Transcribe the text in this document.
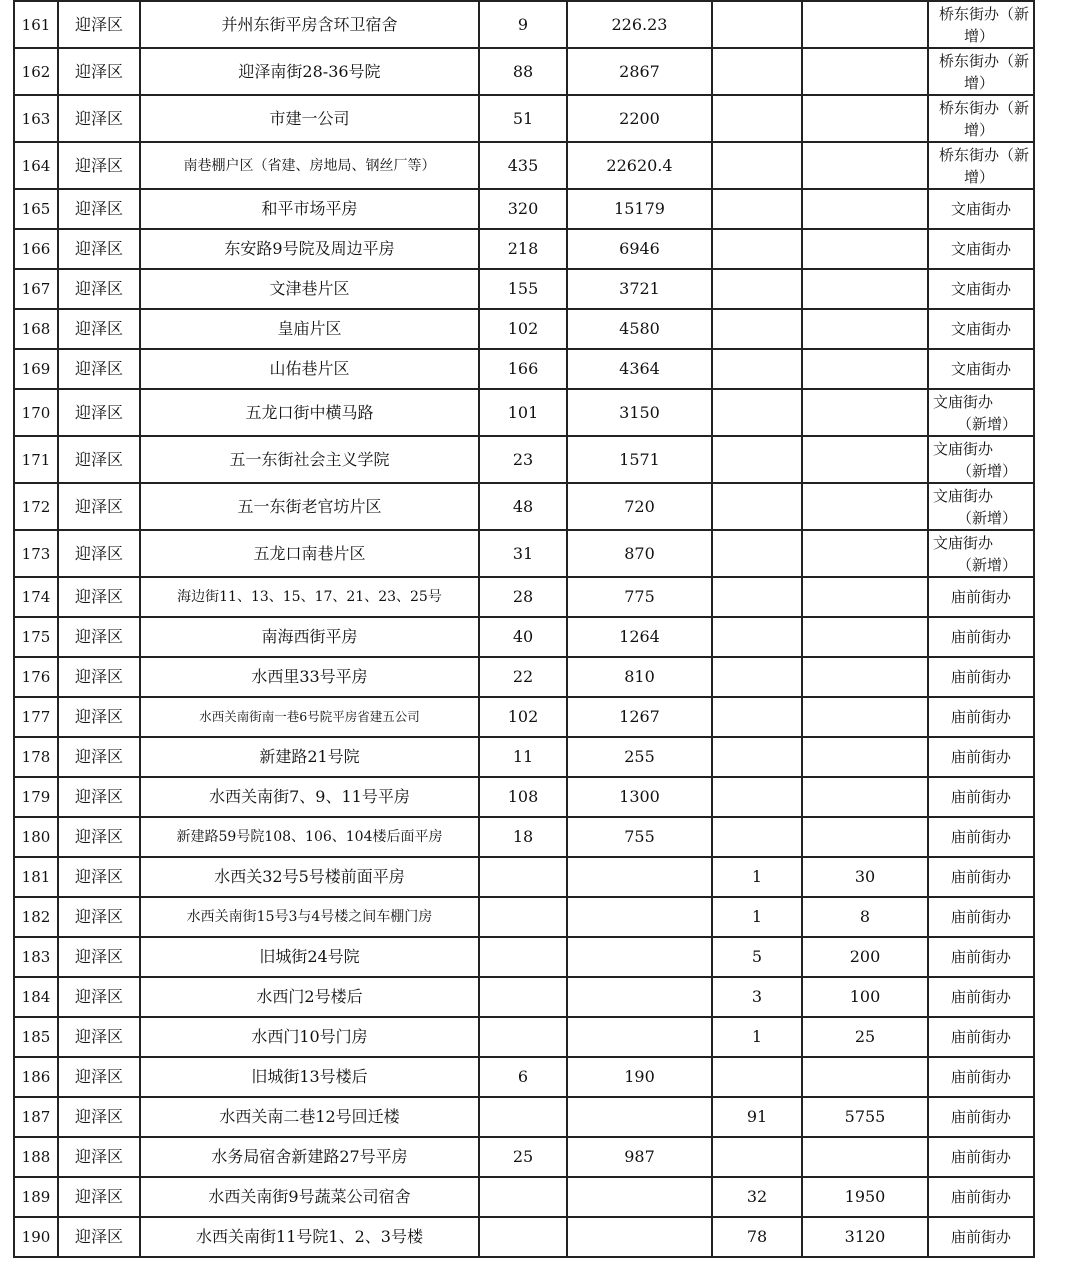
161	迎泽区	并州东街平房含环卫宿舍	9	226.23			桥东街办（新
增）

162	迎泽区	迎泽南街28-36号院	88	2867			桥东街办（新
增）

163	迎泽区	市建一公司	51	2200			桥东街办（新
增）

164	迎泽区	南巷棚户区（省建、房地局、钢丝厂等）	435	22620.4			桥东街办（新
增）

165	迎泽区	和平市场平房	320	15179			文庙街办
166	迎泽区	东安路9号院及周边平房	218	6946			文庙街办
167	迎泽区	文津巷片区	155	3721			文庙街办
168	迎泽区	皇庙片区	102	4580			文庙街办
169	迎泽区	山佑巷片区	166	4364			文庙街办
170	迎泽区	五龙口街中横马路	101	3150			文庙街办
（新增）

171	迎泽区	五一东街社会主义学院	23	1571			文庙街办
（新增）

172	迎泽区	五一东街老官坊片区	48	720			文庙街办
（新增）

173	迎泽区	五龙口南巷片区	31	870			文庙街办
（新增）

174	迎泽区	海边街11、13、15、17、21、23、25号	28	775			庙前街办
175	迎泽区	南海西街平房	40	1264			庙前街办
176	迎泽区	水西里33号平房	22	810			庙前街办
177	迎泽区	水西关南街南一巷6号院平房省建五公司	102	1267			庙前街办
178	迎泽区	新建路21号院	11	255			庙前街办
179	迎泽区	水西关南街7、9、11号平房	108	1300			庙前街办
180	迎泽区	新建路59号院108、106、104楼后面平房	18	755			庙前街办
181	迎泽区	水西关32号5号楼前面平房			1	30	庙前街办
182	迎泽区	水西关南街15号3与4号楼之间车棚门房			1	8	庙前街办
183	迎泽区	旧城街24号院			5	200	庙前街办
184	迎泽区	水西门2号楼后			3	100	庙前街办
185	迎泽区	水西门10号门房			1	25	庙前街办
186	迎泽区	旧城街13号楼后	6	190			庙前街办
187	迎泽区	水西关南二巷12号回迁楼			91	5755	庙前街办
188	迎泽区	水务局宿舍新建路27号平房	25	987			庙前街办
189	迎泽区	水西关南街9号蔬菜公司宿舍			32	1950	庙前街办
190	迎泽区	水西关南街11号院1、2、3号楼			78	3120	庙前街办
